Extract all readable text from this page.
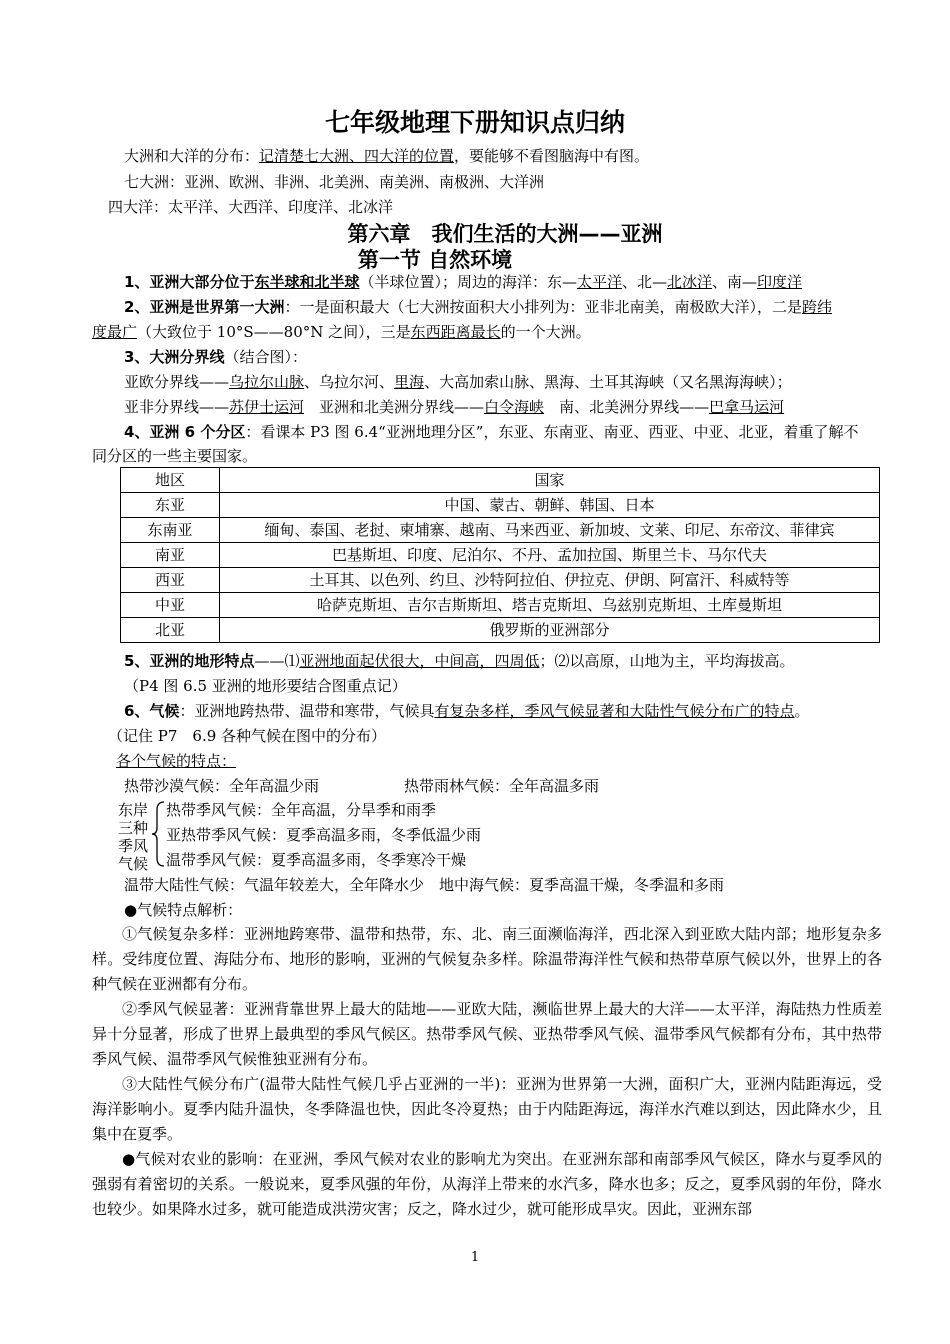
七年级地理下册知识点归纳
大洲和大洋的分布：记清楚七大洲、四大洋的位置，要能够不看图脑海中有图。
七大洲：亚洲、欧洲、非洲、北美洲、南美洲、南极洲、大洋洲
四大洋：太平洋、大西洋、印度洋、北冰洋
第六章　我们生活的大洲——亚洲
第一节 自然环境
1、亚洲大部分位于东半球和北半球（半球位置）；周边的海洋：东—太平洋、北—北冰洋、南—印度洋
2、亚洲是世界第一大洲：一是面积最大（七大洲按面积大小排列为：亚非北南美，南极欧大洋），二是跨纬
度最广（大致位于 10°S——80°N 之间），三是东西距离最长的一个大洲。
3、大洲分界线（结合图）：
亚欧分界线——乌拉尔山脉、乌拉尔河、里海、大高加索山脉、黑海、土耳其海峡（又名黑海海峡）；
亚非分界线——苏伊士运河　亚洲和北美洲分界线——白令海峡　南、北美洲分界线——巴拿马运河
4、亚洲 6 个分区：看课本 P3 图 6.4“亚洲地理分区”，东亚、东南亚、南亚、西亚、中亚、北亚，着重了解不
同分区的一些主要国家。
地区	国家
东亚	中国、蒙古、朝鲜、韩国、日本
东南亚	缅甸、泰国、老挝、柬埔寨、越南、马来西亚、新加坡、文莱、印尼、东帝汶、菲律宾
南亚	巴基斯坦、印度、尼泊尔、不丹、孟加拉国、斯里兰卡、马尔代夫
西亚	土耳其、以色列、约旦、沙特阿拉伯、伊拉克、伊朗、阿富汗、科威特等
中亚	哈萨克斯坦、吉尔吉斯斯坦、塔吉克斯坦、乌兹别克斯坦、土库曼斯坦
北亚	俄罗斯的亚洲部分
5、亚洲的地形特点——⑴亚洲地面起伏很大，中间高，四周低；⑵以高原，山地为主，平均海拔高。
（P4 图 6.5 亚洲的地形要结合图重点记）
6、气候：亚洲地跨热带、温带和寒带，气候具有复杂多样，季风气候显著和大陆性气候分布广的特点。
（记住 P7　6.9 各种气候在图中的分布）
各个气候的特点：
热带沙漠气候：全年高温少雨	热带雨林气候：全年高温多雨
东岸
三种
季风
气候
热带季风气候：全年高温，分旱季和雨季
亚热带季风气候：夏季高温多雨，冬季低温少雨
温带季风气候：夏季高温多雨，冬季寒冷干燥
温带大陆性气候：气温年较差大，全年降水少　地中海气候：夏季高温干燥，冬季温和多雨
●气候特点解析：
①气候复杂多样：亚洲地跨寒带、温带和热带，东、北、南三面濒临海洋，西北深入到亚欧大陆内部；地形复杂多样。受纬度位置、海陆分布、地形的影响，亚洲的气候复杂多样。除温带海洋性气候和热带草原气候以外，世界上的各种气候在亚洲都有分布。
②季风气候显著：亚洲背靠世界上最大的陆地——亚欧大陆，濒临世界上最大的大洋——太平洋，海陆热力性质差异十分显著，形成了世界上最典型的季风气候区。热带季风气候、亚热带季风气候、温带季风气候都有分布，其中热带季风气候、温带季风气候惟独亚洲有分布。
③大陆性气候分布广(温带大陆性气候几乎占亚洲的一半)：亚洲为世界第一大洲，面积广大，亚洲内陆距海远，受海洋影响小。夏季内陆升温快，冬季降温也快，因此冬冷夏热；由于内陆距海远，海洋水汽难以到达，因此降水少，且集中在夏季。
●气候对农业的影响：在亚洲，季风气候对农业的影响尤为突出。在亚洲东部和南部季风气候区，降水与夏季风的强弱有着密切的关系。一般说来，夏季风强的年份，从海洋上带来的水汽多，降水也多；反之，夏季风弱的年份，降水也较少。如果降水过多，就可能造成洪涝灾害；反之，降水过少，就可能形成旱灾。因此，亚洲东部
1
